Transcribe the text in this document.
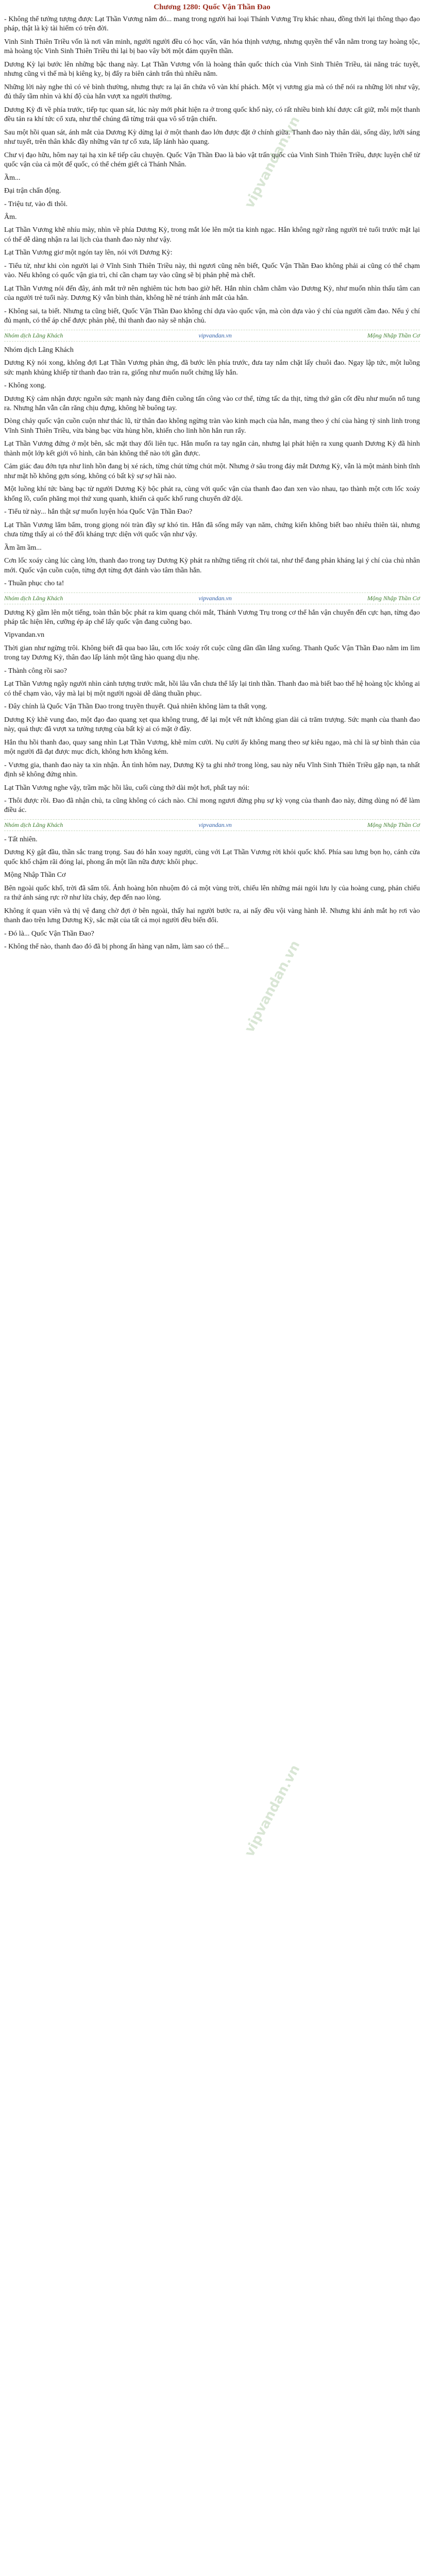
Chương 1280: Quốc Vận Thần Đao

- Không thể tưởng tượng được Lạt Thần Vương năm đó... mang trong người hai loại Thánh Vương Trụ khác nhau, đồng thời lại thông thạo đạo pháp, thật là kỳ tài hiếm có trên đời.

Vinh Sinh Thiên Triều vốn là nơi văn minh, người người đều có học vấn, văn hóa thịnh vượng, nhưng quyền thế vẫn nằm trong tay hoàng tộc, mà hoàng tộc Vinh Sinh Thiên Triều thì lại bị bao vây bởi một đám quyền thần.

Dương Kỳ lại bước lên những bậc thang này. Lạt Thần Vương vốn là hoàng thân quốc thích của Vinh Sinh Thiên Triều, tài năng trác tuyệt, nhưng cũng vì thế mà bị kiêng kỵ, bị đẩy ra biên cảnh trấn thủ nhiều năm.

Những lời này nghe thì có vẻ bình thường, nhưng thực ra lại ẩn chứa vô vàn khí phách. Một vị vương gia mà có thể nói ra những lời như vậy, đủ thấy tầm nhìn và khí độ của hắn vượt xa người thường.

Dương Kỳ đi về phía trước, tiếp tục quan sát, lúc này mới phát hiện ra ở trong quốc khố này, có rất nhiều binh khí được cất giữ, mỗi một thanh đều tản ra khí tức cổ xưa, như thể chúng đã từng trải qua vô số trận chiến.

Sau một hồi quan sát, ánh mắt của Dương Kỳ dừng lại ở một thanh đao lớn được đặt ở chính giữa. Thanh đao này thân dài, sống dày, lưỡi sáng như tuyết, trên thân khắc đầy những văn tự cổ xưa, lấp lánh hào quang.

Chư vị đạo hữu, hôm nay tại hạ xin kể tiếp câu chuyện. Quốc Vận Thần Đao là bảo vật trấn quốc của Vinh Sinh Thiên Triều, được luyện chế từ quốc vận của cả một đế quốc, có thể chém giết cả Thánh Nhân.

Ầm...

Đại trận chấn động.

- Triệu tư, vào đi thôi.

Âm.

Lạt Thần Vương khẽ nhíu mày, nhìn về phía Dương Kỳ, trong mắt lóe lên một tia kinh ngạc. Hắn không ngờ rằng người trẻ tuổi trước mặt lại có thể dễ dàng nhận ra lai lịch của thanh đao này như vậy.

Lạt Thần Vương giơ một ngón tay lên, nói với Dương Kỳ:

- Tiểu tử, như khi còn người lại ở Vĩnh Sinh Thiên Triều này, thì ngươi cũng nên biết, Quốc Vận Thần Đao không phải ai cũng có thể chạm vào. Nếu không có quốc vận gia trì, chỉ cần chạm tay vào cũng sẽ bị phản phệ mà chết.

Lạt Thần Vương nói đến đây, ánh mắt trở nên nghiêm túc hơn bao giờ hết. Hắn nhìn chằm chằm vào Dương Kỳ, như muốn nhìn thấu tâm can của người trẻ tuổi này. Dương Kỳ vẫn bình thản, không hề né tránh ánh mắt của hắn.

- Không sai, ta biết. Nhưng ta cũng biết, Quốc Vận Thần Đao không chỉ dựa vào quốc vận, mà còn dựa vào ý chí của người cầm đao. Nếu ý chí đủ mạnh, có thể áp chế được phản phệ, thì thanh đao này sẽ nhận chủ.

Nhóm dịch Lãng Khách	vipvandan.vn	Mộng Nhập Thần Cơ

Nhóm dịch Lãng Khách

Dương Kỳ nói xong, không đợi Lạt Thần Vương phản ứng, đã bước lên phía trước, đưa tay nắm chặt lấy chuôi đao. Ngay lập tức, một luồng sức mạnh khủng khiếp từ thanh đao tràn ra, giống như muốn nuốt chửng lấy hắn.

- Không xong.

Dương Kỳ cảm nhận được nguồn sức mạnh này đang điên cuồng tấn công vào cơ thể, từng tấc da thịt, từng thớ gân cốt đều như muốn nổ tung ra. Nhưng hắn vẫn cắn răng chịu đựng, không hề buông tay.

Dòng chảy quốc vận cuồn cuộn như thác lũ, từ thân đao không ngừng tràn vào kinh mạch của hắn, mang theo ý chí của hàng tỷ sinh linh trong Vĩnh Sinh Thiên Triều, vừa bàng bạc vừa hùng hồn, khiến cho linh hồn hắn run rẩy.

Lạt Thần Vương đứng ở một bên, sắc mặt thay đổi liên tục. Hắn muốn ra tay ngăn cản, nhưng lại phát hiện ra xung quanh Dương Kỳ đã hình thành một lớp kết giới vô hình, căn bản không thể nào tới gần được.

Cảm giác đau đớn tựa như linh hồn đang bị xé rách, từng chút từng chút một. Nhưng ở sâu trong đáy mắt Dương Kỳ, vẫn là một mảnh bình tĩnh như mặt hồ không gợn sóng, không có bất kỳ sự sợ hãi nào.

Một luồng khí tức bàng bạc từ người Dương Kỳ bộc phát ra, cùng với quốc vận của thanh đao đan xen vào nhau, tạo thành một cơn lốc xoáy khổng lồ, cuốn phăng mọi thứ xung quanh, khiến cả quốc khố rung chuyển dữ dội.

- Tiểu tử này... hắn thật sự muốn luyện hóa Quốc Vận Thần Đao?

Lạt Thần Vương lẩm bẩm, trong giọng nói tràn đầy sự khó tin. Hắn đã sống mấy vạn năm, chứng kiến không biết bao nhiêu thiên tài, nhưng chưa từng thấy ai có thể đối kháng trực diện với quốc vận như vậy.

Ầm ầm ầm...

Cơn lốc xoáy càng lúc càng lớn, thanh đao trong tay Dương Kỳ phát ra những tiếng rít chói tai, như thể đang phản kháng lại ý chí của chủ nhân mới. Quốc vận cuồn cuộn, từng đợt từng đợt đánh vào tâm thần hắn.

- Thuần phục cho ta!

Nhóm dịch Lãng Khách	vipvandan.vn	Mộng Nhập Thần Cơ

Dương Kỳ gầm lên một tiếng, toàn thân bộc phát ra kim quang chói mắt, Thánh Vương Trụ trong cơ thể hắn vận chuyển đến cực hạn, từng đạo pháp tắc hiện lên, cưỡng ép áp chế lấy quốc vận đang cuồng bạo.

Vipvandan.vn

Thời gian như ngừng trôi. Không biết đã qua bao lâu, cơn lốc xoáy rốt cuộc cũng dần dần lắng xuống. Thanh Quốc Vận Thần Đao nằm im lìm trong tay Dương Kỳ, thân đao lấp lánh một tầng hào quang dịu nhẹ.

- Thành công rồi sao?

Lạt Thần Vương ngây người nhìn cảnh tượng trước mắt, hồi lâu vẫn chưa thể lấy lại tinh thần. Thanh đao mà biết bao thế hệ hoàng tộc không ai có thể chạm vào, vậy mà lại bị một người ngoài dễ dàng thuần phục.

- Đây chính là Quốc Vận Thần Đao trong truyền thuyết. Quả nhiên không làm ta thất vọng.

Dương Kỳ khẽ vung đao, một đạo đao quang xẹt qua không trung, để lại một vết nứt không gian dài cả trăm trượng. Sức mạnh của thanh đao này, quả thực đã vượt xa tưởng tượng của bất kỳ ai có mặt ở đây.

Hắn thu hồi thanh đao, quay sang nhìn Lạt Thần Vương, khẽ mỉm cười. Nụ cười ấy không mang theo sự kiêu ngạo, mà chỉ là sự bình thản của một người đã đạt được mục đích, không hơn không kém.

- Vương gia, thanh đao này ta xin nhận. Ân tình hôm nay, Dương Kỳ ta ghi nhớ trong lòng, sau này nếu Vĩnh Sinh Thiên Triều gặp nạn, ta nhất định sẽ không đứng nhìn.

Lạt Thần Vương nghe vậy, trầm mặc hồi lâu, cuối cùng thở dài một hơi, phất tay nói:

- Thôi được rồi. Đao đã nhận chủ, ta cũng không có cách nào. Chỉ mong ngươi đừng phụ sự kỳ vọng của thanh đao này, đừng dùng nó để làm điều ác.

Nhóm dịch Lãng Khách	vipvandan.vn	Mộng Nhập Thần Cơ

- Tất nhiên.

Dương Kỳ gật đầu, thần sắc trang trọng. Sau đó hắn xoay người, cùng với Lạt Thần Vương rời khỏi quốc khố. Phía sau lưng bọn họ, cánh cửa quốc khố chậm rãi đóng lại, phong ấn một lần nữa được khôi phục.

Mộng Nhập Thần Cơ

Bên ngoài quốc khố, trời đã sẩm tối. Ánh hoàng hôn nhuộm đỏ cả một vùng trời, chiếu lên những mái ngói lưu ly của hoàng cung, phản chiếu ra thứ ánh sáng rực rỡ như lửa cháy, đẹp đến nao lòng.

Không ít quan viên và thị vệ đang chờ đợi ở bên ngoài, thấy hai người bước ra, ai nấy đều vội vàng hành lễ. Nhưng khi ánh mắt họ rơi vào thanh đao trên lưng Dương Kỳ, sắc mặt của tất cả mọi người đều biến đổi.

- Đó là... Quốc Vận Thần Đao?

- Không thể nào, thanh đao đó đã bị phong ấn hàng vạn năm, làm sao có thể...

vipvandan.vn
vipvandan.vn
vipvandan.vn
